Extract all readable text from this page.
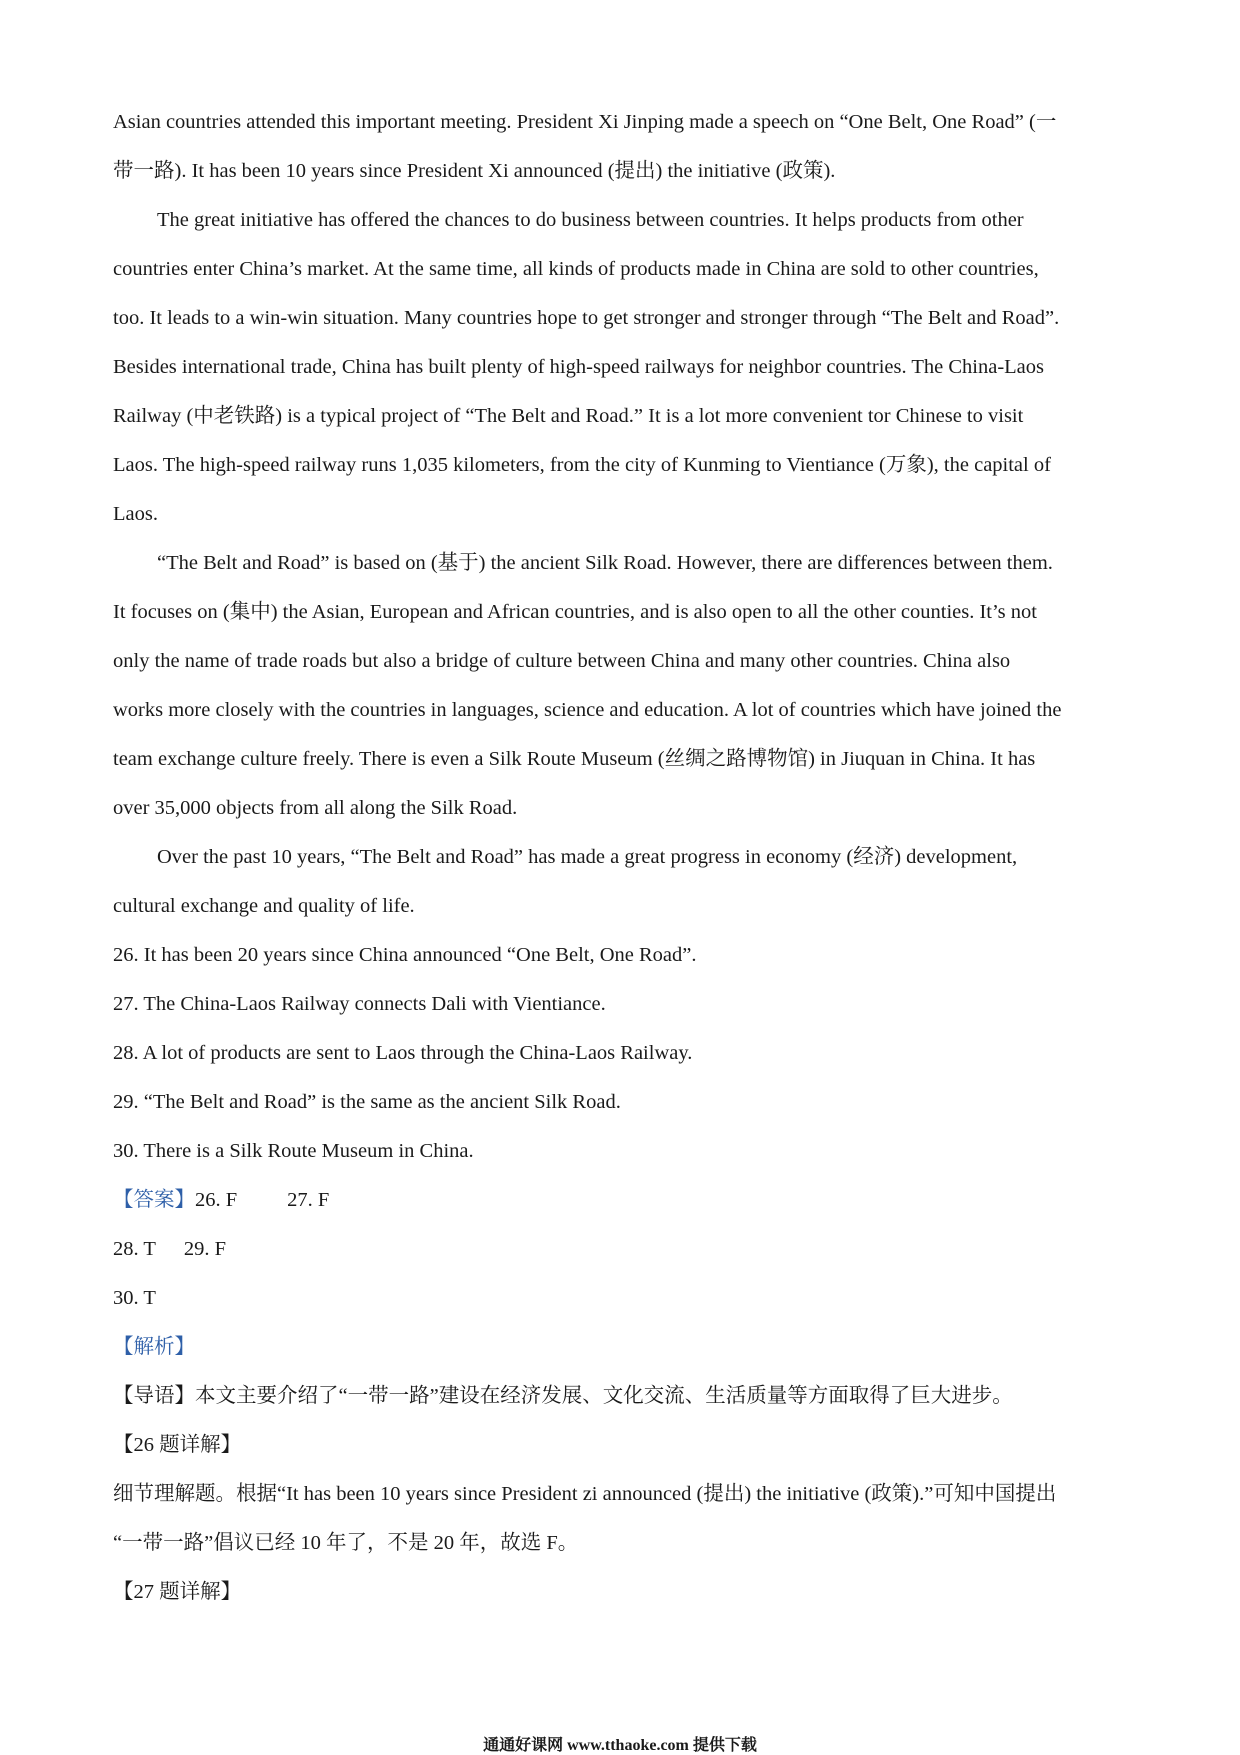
Asian countries attended this important meeting. President Xi Jinping made a speech on “One Belt, One Road” (一
带一路). It has been 10 years since President Xi announced (提出) the initiative (政策).
The great initiative has offered the chances to do business between countries. It helps products from other
countries enter China’s market. At the same time, all kinds of products made in China are sold to other countries,
too. It leads to a win-win situation. Many countries hope to get stronger and stronger through “The Belt and Road”.
Besides international trade, China has built plenty of high-speed railways for neighbor countries. The China-Laos
Railway (中老铁路) is a typical project of “The Belt and Road.” It is a lot more convenient tor Chinese to visit
Laos. The high-speed railway runs 1,035 kilometers, from the city of Kunming to Vientiance (万象), the capital of
Laos.
“The Belt and Road” is based on (基于) the ancient Silk Road. However, there are differences between them.
It focuses on (集中) the Asian, European and African countries, and is also open to all the other counties. It’s not
only the name of trade roads but also a bridge of culture between China and many other countries. China also
works more closely with the countries in languages, science and education. A lot of countries which have joined the
team exchange culture freely. There is even a Silk Route Museum (丝绸之路博物馆) in Jiuquan in China. It has
over 35,000 objects from all along the Silk Road.
Over the past 10 years, “The Belt and Road” has made a great progress in economy (经济) development,
cultural exchange and quality of life.
26. It has been 20 years since China announced “One Belt, One Road”.
27. The China-Laos Railway connects Dali with Vientiance.
28. A lot of products are sent to Laos through the China-Laos Railway.
29. “The Belt and Road” is the same as the ancient Silk Road.
30. There is a Silk Route Museum in China.
【答案】26. F 27. F
28. T 29. F
30. T
【解析】
【导语】本文主要介绍了“一带一路”建设在经济发展、文化交流、生活质量等方面取得了巨大进步。
【26 题详解】
细节理解题。根据“It has been 10 years since President zi announced (提出) the initiative (政策).”可知中国提出
“一带一路”倡议已经 10 年了，不是 20 年，故选 F。
【27 题详解】
通通好课网 www.tthaoke.com 提供下载
